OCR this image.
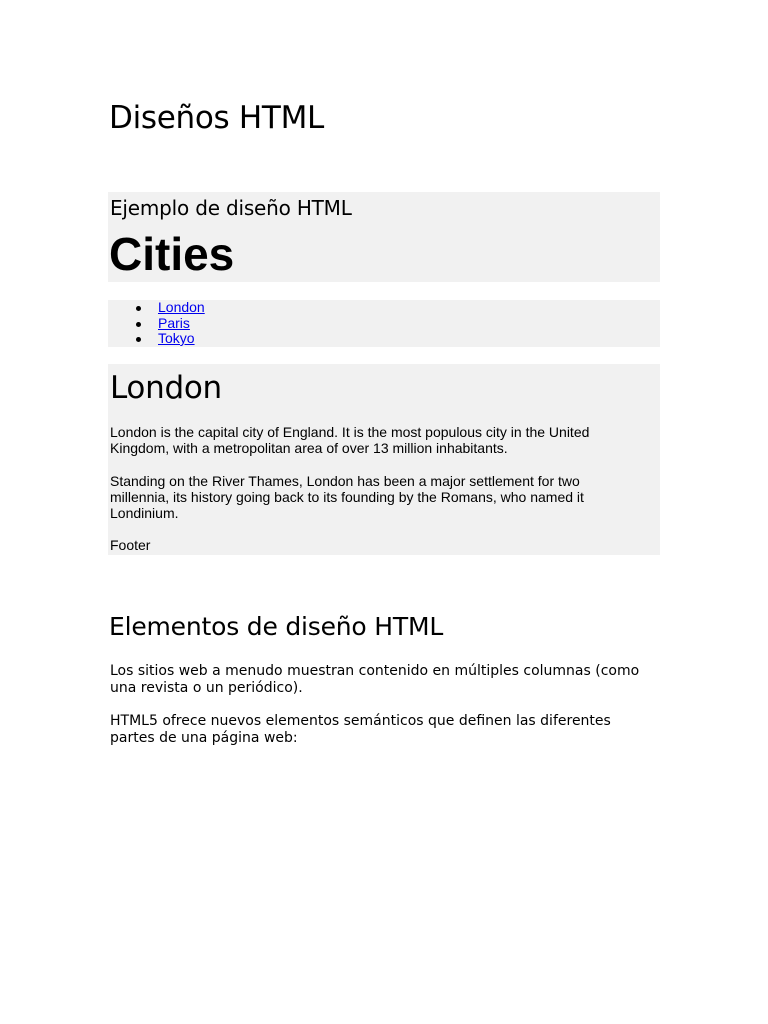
Diseños HTML
Ejemplo de diseño HTML
Cities
London
Paris
Tokyo
London

London is the capital city of England. It is the most populous city in the United Kingdom, with a metropolitan area of over 13 million inhabitants.

Standing on the River Thames, London has been a major settlement for two millennia, its history going back to its founding by the Romans, who named it Londinium.

Footer

Elementos de diseño HTML

Los sitios web a menudo muestran contenido en múltiples columnas (como una revista o un periódico).

HTML5 ofrece nuevos elementos semánticos que definen las diferentes partes de una página web:
